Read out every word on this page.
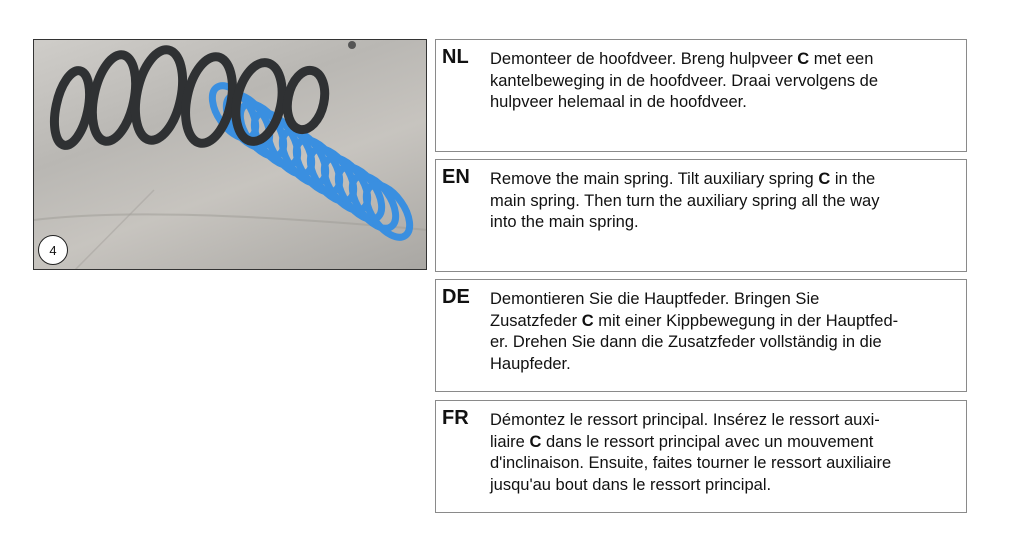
4
NL Demonteer de hoofdveer. Breng hulpveer C met een
kantelbeweging in de hoofdveer. Draai vervolgens de
hulpveer helemaal in de hoofdveer.
EN Remove the main spring. Tilt auxiliary spring C in the
main spring. Then turn the auxiliary spring all the way
into the main spring.
DE Demontieren Sie die Hauptfeder. Bringen Sie
Zusatzfeder C mit einer Kippbewegung in der Hauptfed-
er. Drehen Sie dann die Zusatzfeder vollständig in die
Haupfeder.
FR Démontez le ressort principal. Insérez le ressort auxi-
liaire C dans le ressort principal avec un mouvement
d'inclinaison. Ensuite, faites tourner le ressort auxiliaire
jusqu'au bout dans le ressort principal.
